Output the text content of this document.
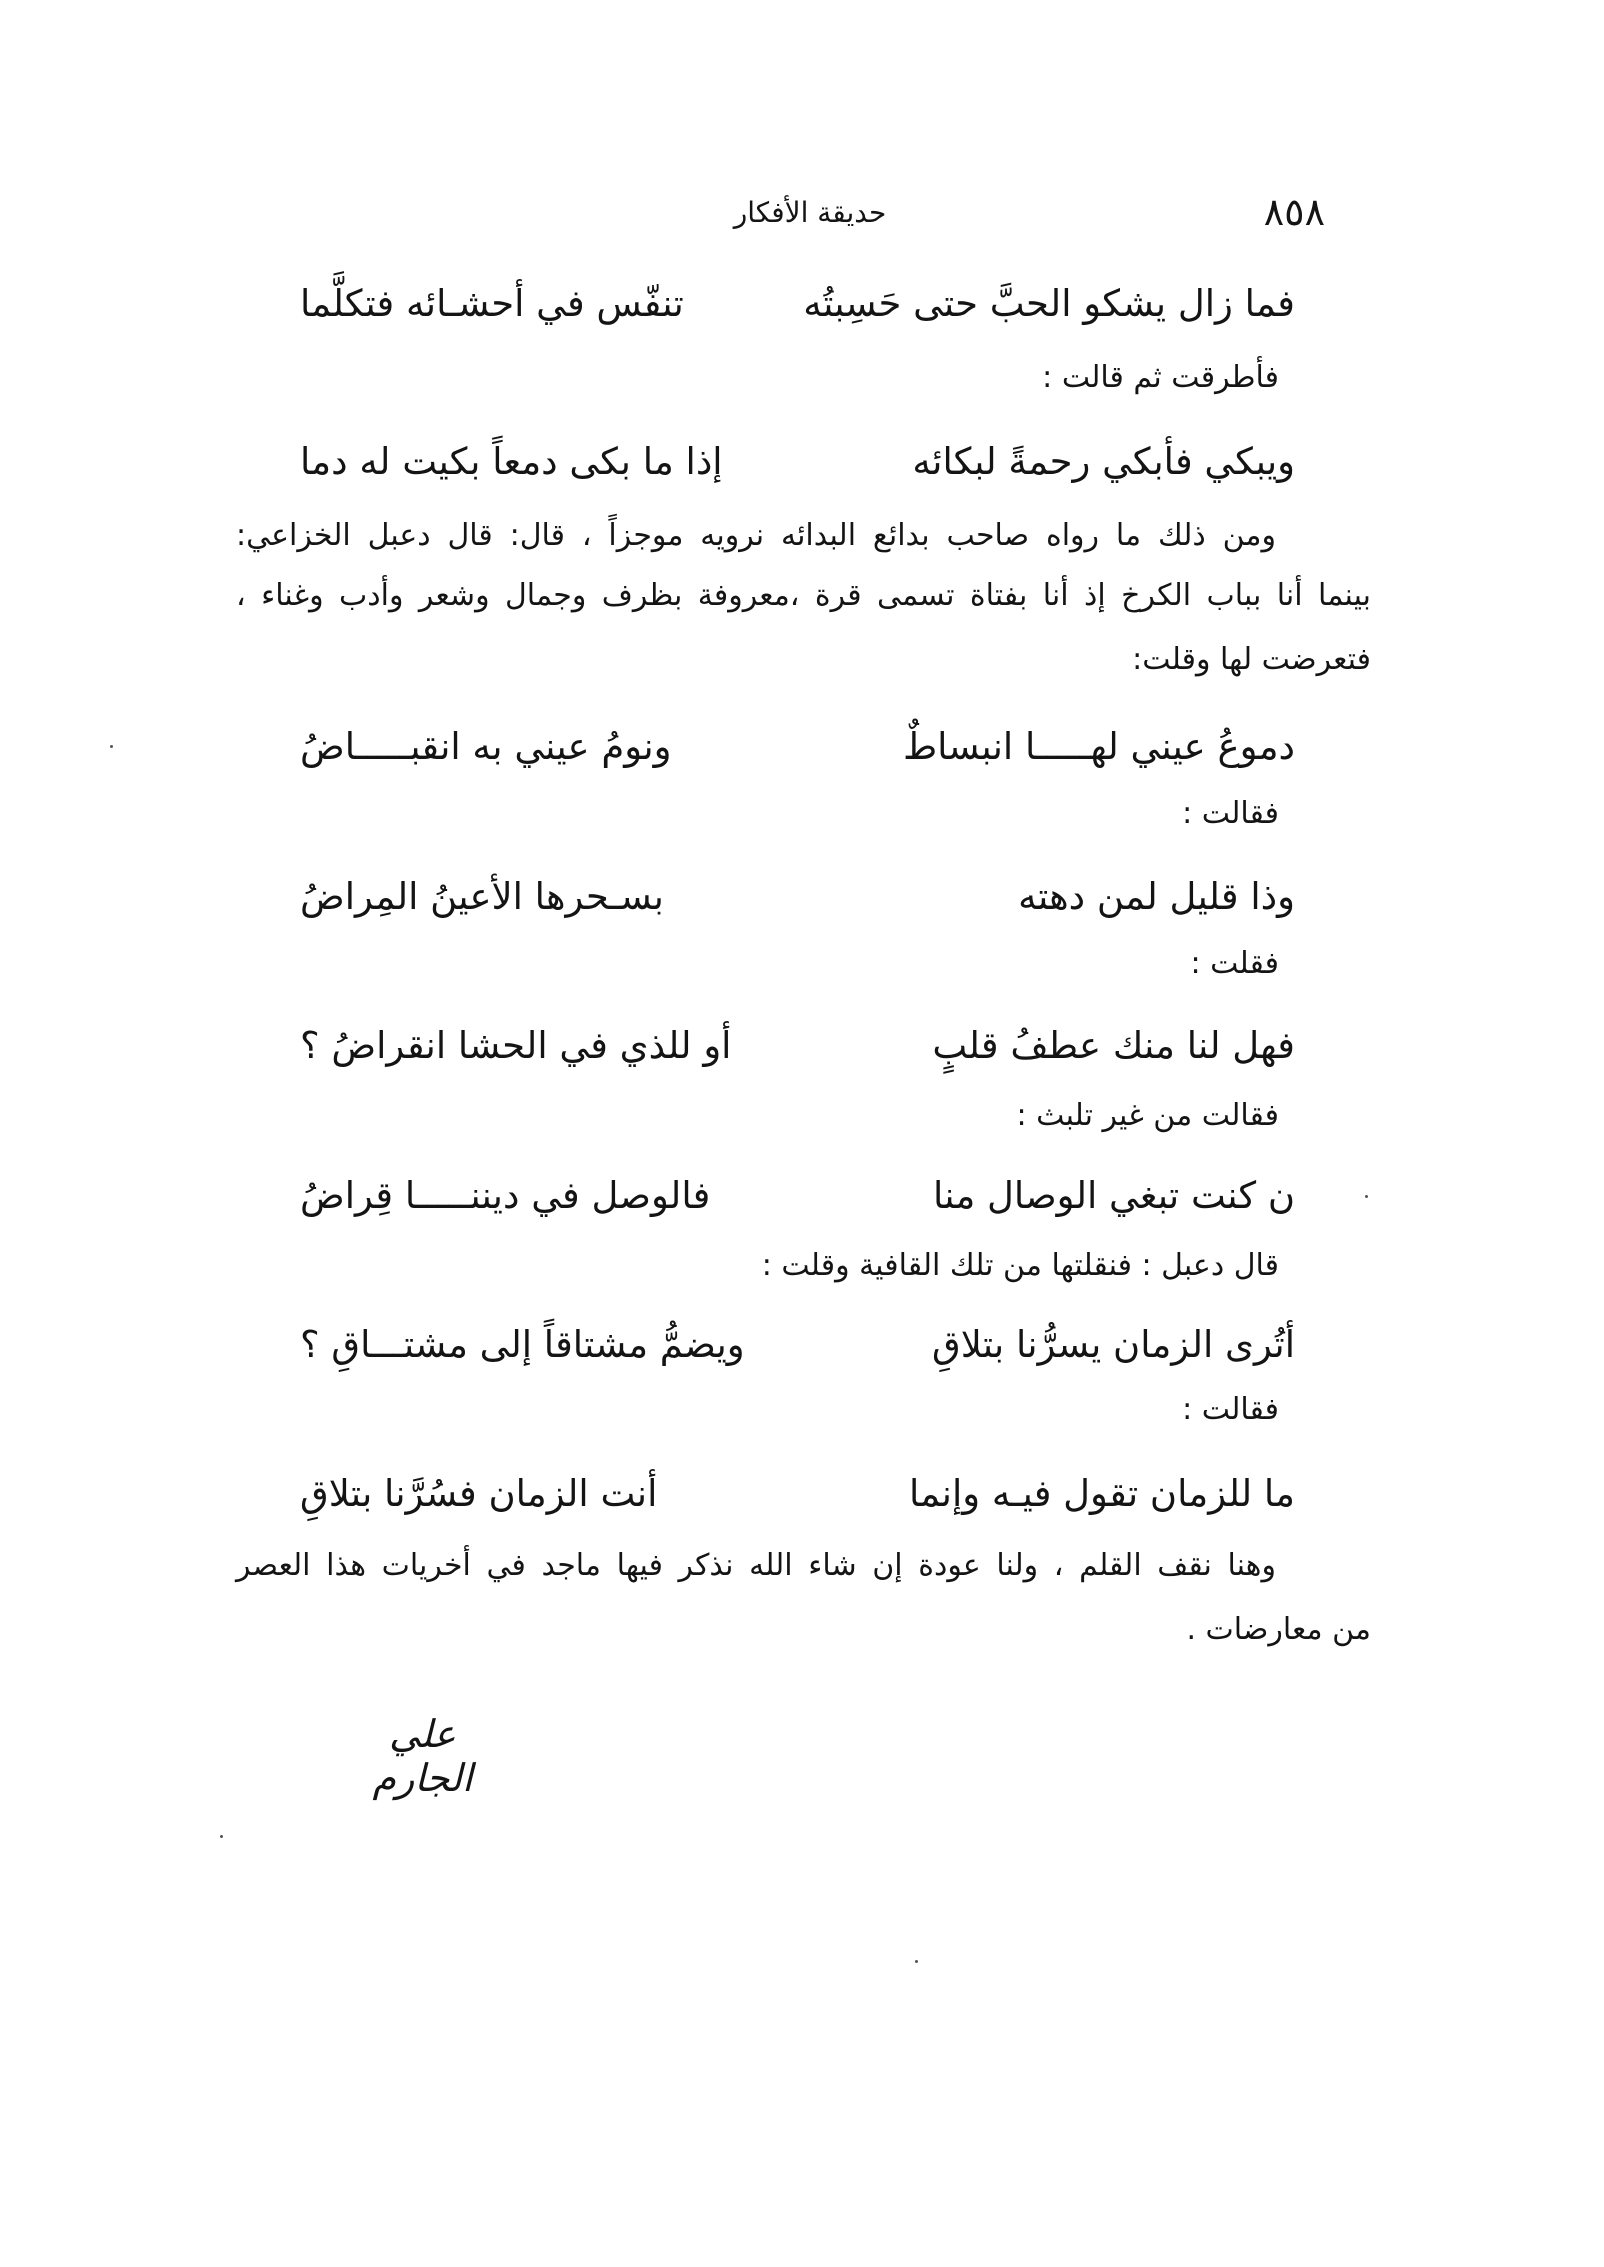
٨٥٨
حديقة الأفكار
فما زال يشكو الحبَّ حتى حَسِبتُه
تنفّس في أحشـائه فتكلَّما
فأطرقت ثم قالت :
ويبكي فأبكي رحمةً لبكائه
إذا ما بكى دمعاً بكيت له دما
ومن ذلك ما رواه صاحب بدائع البدائه نرويه موجزاً ، قال: قال دعبل الخزاعي:
بينما أنا بباب الكرخ إذ أنا بفتاة تسمى قرة ،معروفة بظرف وجمال وشعر وأدب وغناء ،
فتعرضت لها وقلت:
دموعُ عيني لهـــــا انبساطٌ
ونومُ عيني به انقبـــــاضُ
فقالت :
وذا قليل لمن دهته
بسـحرها الأعينُ المِراضُ
فقلت :
فهل لنا منك عطفُ قلبٍ
أو للذي في الحشا انقراضُ ؟
فقالت من غير تلبث :
ن كنت تبغي الوصال منا
فالوصل في ديننـــــا قِراضُ
قال دعبل : فنقلتها من تلك القافية وقلت :
أتُرى الزمان يسرُّنا بتلاقِ
ويضمُّ مشتاقاً إلى مشتـــاقِ ؟
فقالت :
ما للزمان تقول فيـه وإنما
أنت الزمان فسُرَّنا بتلاقِ
وهنا نقف القلم ، ولنا عودة إن شاء الله نذكر فيها ماجد في أخريات هذا العصر
من معارضات .
علي الجارم
